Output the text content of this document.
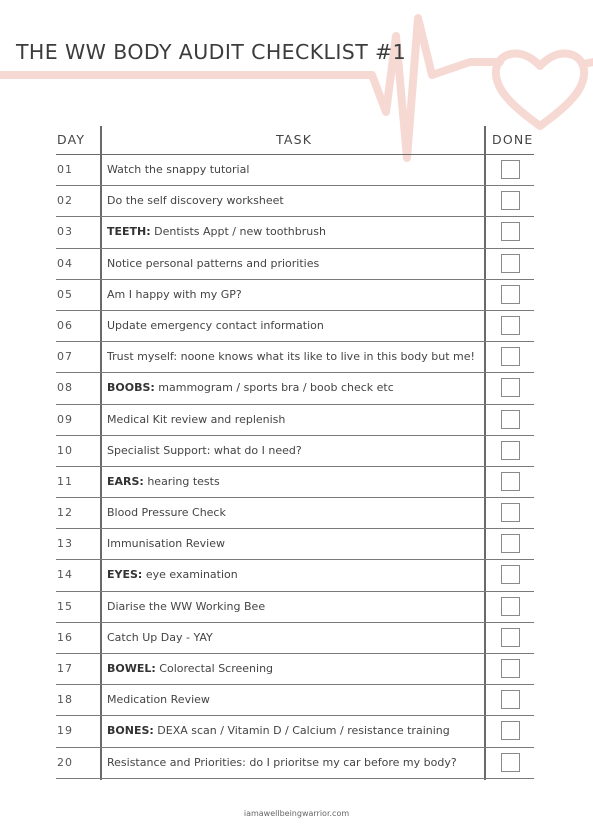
THE WW BODY AUDIT CHECKLIST #1
DAY	TASK	DONE
01	Watch the snappy tutorial
02	Do the self discovery worksheet
03	TEETH: Dentists Appt / new toothbrush
04	Notice personal patterns and priorities
05	Am I happy with my GP?
06	Update emergency contact information
07	Trust myself: noone knows what its like to live in this body but me!
08	BOOBS: mammogram / sports bra / boob check etc
09	Medical Kit review and replenish
10	Specialist Support: what do I need?
11	EARS: hearing tests
12	Blood Pressure Check
13	Immunisation Review
14	EYES: eye examination
15	Diarise the WW Working Bee
16	Catch Up Day - YAY
17	BOWEL: Colorectal Screening
18	Medication Review
19	BONES: DEXA scan / Vitamin D / Calcium / resistance training
20	Resistance and Priorities: do I prioritse my car before my body?
iamawellbeingwarrior.com
